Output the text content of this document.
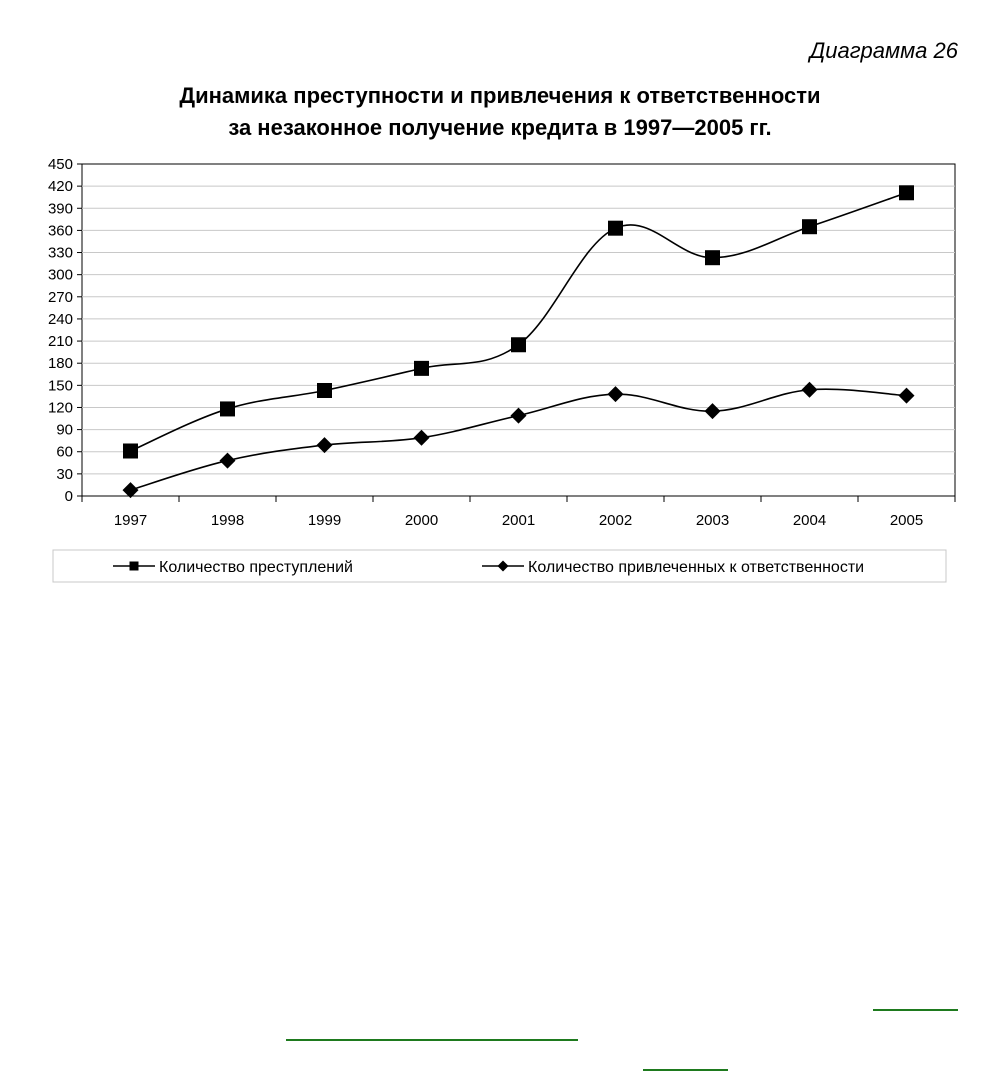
Диаграмма 26

Динамика преступности и привлечения к ответственности
за незаконное получение кредита в 1997—2005 гг.
0
30
60
90
120
150
180
210
240
270
300
330
360
390
420
450
1997	1998	1999	2000	2001	2002	2003	2004	2005
Количество преступлений	Количество привлеченных к ответственности
